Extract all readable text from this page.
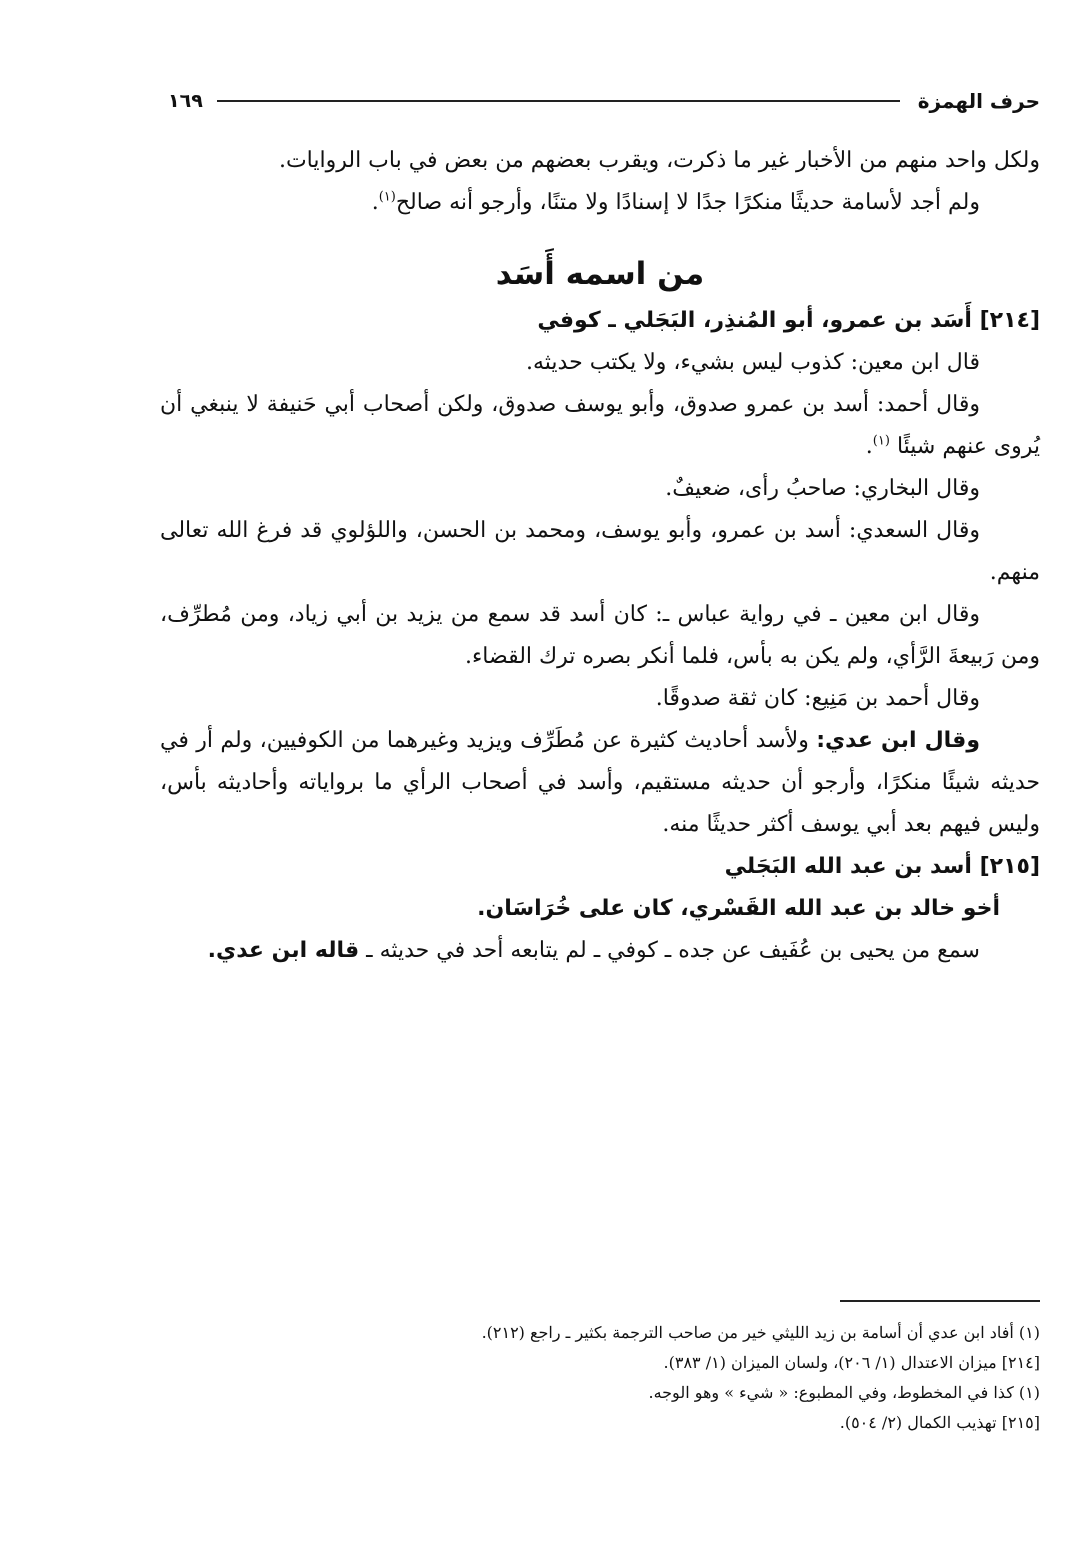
حرف الهمزة
١٦٩

ولكل واحد منهم من الأخبار غير ما ذكرت، ويقرب بعضهم من بعض في باب الروايات.

ولم أجد لأسامة حديثًا منكرًا جدًا لا إسنادًا ولا متنًا، وأرجو أنه صالح$^{(١)}$.

من اسمه أَسَد

[٢١٤] أَسَد بن عمرو، أبو المُنذِر، البَجَلي ـ كوفي

قال ابن معين: كذوب ليس بشيء، ولا يكتب حديثه.

وقال أحمد: أسد بن عمرو صدوق، وأبو يوسف صدوق، ولكن أصحاب أبي حَنيفة لا ينبغي أن يُروى عنهم شيئًا $^{(١)}$.

وقال البخاري: صاحبُ رأى، ضعيفٌ.

وقال السعدي: أسد بن عمرو، وأبو يوسف، ومحمد بن الحسن، واللؤلوي قد فرغ الله تعالى منهم.

وقال ابن معين ـ في رواية عباس ـ: كان أسد قد سمع من يزيد بن أبي زياد، ومن مُطرِّف، ومن رَبيعةَ الرَّأي، ولم يكن به بأس، فلما أنكر بصره ترك القضاء.

وقال أحمد بن مَنِيع: كان ثقة صدوقًا.

وقال ابن عدي: ولأسد أحاديث كثيرة عن مُطَرِّف ويزيد وغيرهما من الكوفيين، ولم أر في حديثه شيئًا منكرًا، وأرجو أن حديثه مستقيم، وأسد في أصحاب الرأي ما برواياته وأحاديثه بأس، وليس فيهم بعد أبي يوسف أكثر حديثًا منه.

[٢١٥] أسد بن عبد الله البَجَلي

أخو خالد بن عبد الله القَسْري، كان على خُرَاسَان.

سمع من يحيى بن عُفَيف عن جده ـ كوفي ـ لم يتابعه أحد في حديثه ـ قاله ابن عدي.

(١) أفاد ابن عدي أن أسامة بن زيد الليثي خير من صاحب الترجمة بكثير ـ راجع (٢١٢).

[٢١٤] ميزان الاعتدال (١/ ٢٠٦)، ولسان الميزان (١/ ٣٨٣).

(١) كذا في المخطوط، وفي المطبوع: « شيء » وهو الوجه.

[٢١٥] تهذيب الكمال (٢/ ٥٠٤).
